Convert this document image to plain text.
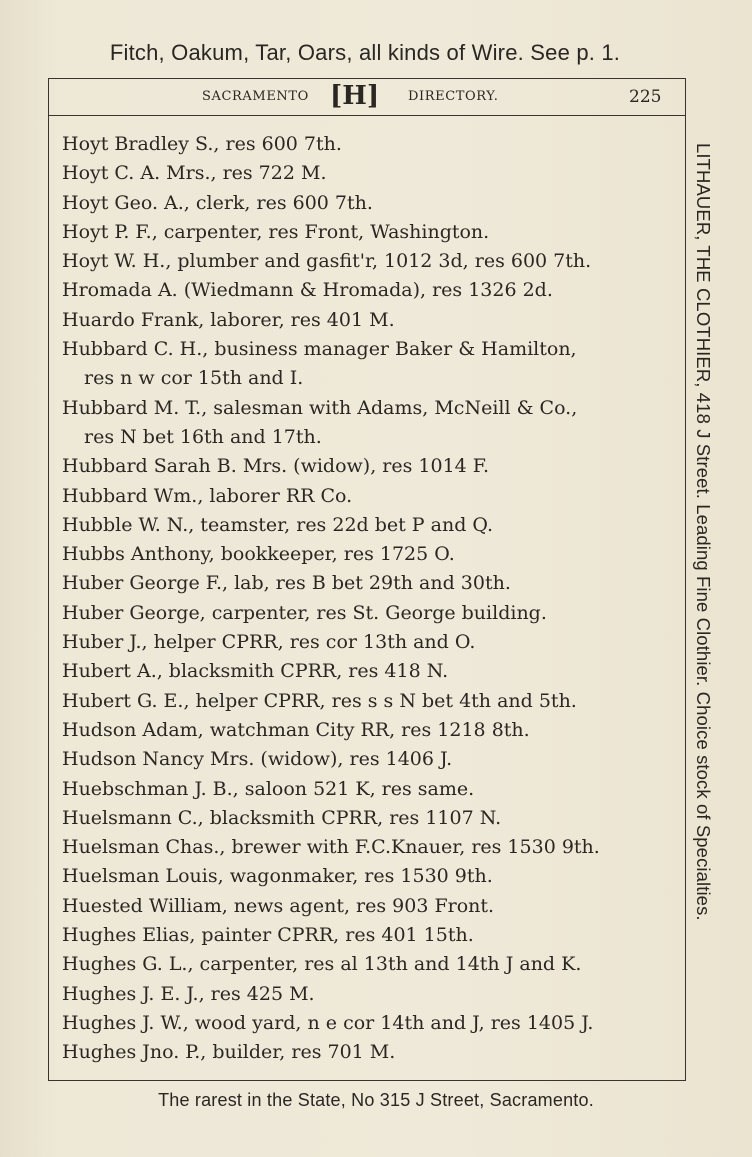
Fitch, Oakum, Tar, Oars, all kinds of Wire. See p. 1.
SACRAMENTO [H] DIRECTORY.	225
Hoyt Bradley S., res 600 7th.
Hoyt C. A. Mrs., res 722 M.
Hoyt Geo. A., clerk, res 600 7th.
Hoyt P. F., carpenter, res Front, Washington.
Hoyt W. H., plumber and gasfit'r, 1012 3d, res 600 7th.
Hromada A. (Wiedmann & Hromada), res 1326 2d.
Huardo Frank, laborer, res 401 M.
Hubbard C. H., business manager Baker & Hamilton,
res n w cor 15th and I.
Hubbard M. T., salesman with Adams, McNeill & Co.,
res N bet 16th and 17th.
Hubbard Sarah B. Mrs. (widow), res 1014 F.
Hubbard Wm., laborer RR Co.
Hubble W. N., teamster, res 22d bet P and Q.
Hubbs Anthony, bookkeeper, res 1725 O.
Huber George F., lab, res B bet 29th and 30th.
Huber George, carpenter, res St. George building.
Huber J., helper CPRR, res cor 13th and O.
Hubert A., blacksmith CPRR, res 418 N.
Hubert G. E., helper CPRR, res s s N bet 4th and 5th.
Hudson Adam, watchman City RR, res 1218 8th.
Hudson Nancy Mrs. (widow), res 1406 J.
Huebschman J. B., saloon 521 K, res same.
Huelsmann C., blacksmith CPRR, res 1107 N.
Huelsman Chas., brewer with F.C.Knauer, res 1530 9th.
Huelsman Louis, wagonmaker, res 1530 9th.
Huested William, news agent, res 903 Front.
Hughes Elias, painter CPRR, res 401 15th.
Hughes G. L., carpenter, res al 13th and 14th J and K.
Hughes J. E. J., res 425 M.
Hughes J. W., wood yard, n e cor 14th and J, res 1405 J.
Hughes Jno. P., builder, res 701 M.
LITHAUER, THE CLOTHIER, 418 J Street. Leading Fine Clothier. Choice stock of Specialties.
The rarest in the State, No 315 J Street, Sacramento.
